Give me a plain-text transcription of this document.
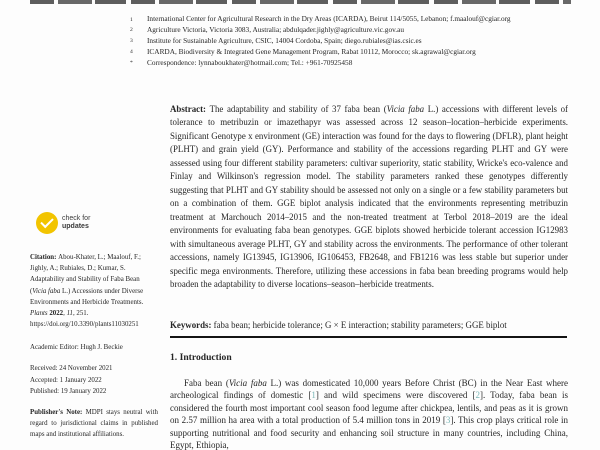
1	International Center for Agricultural Research in the Dry Areas (ICARDA), Beirut 114/5055, Lebanon; f.maalouf@cgiar.org
2	Agriculture Victoria, Victoria 3083, Australia; abdulqader.jighly@agriculture.vic.gov.au
3	Institute for Sustainable Agriculture, CSIC, 14004 Cordoba, Spain; diego.rubiales@ias.csic.es
4	ICARDA, Biodiversity & Integrated Gene Management Program, Rabat 10112, Morocco; sk.agrawal@cgiar.org
*	Correspondence: lynnaboukhater@hotmail.com; Tel.: +961-70925458

Abstract: The adaptability and stability of 37 faba bean (Vicia faba L.) accessions with different levels of tolerance to metribuzin or imazethapyr was assessed across 12 season–location–herbicide experiments. Significant Genotype x environment (GE) interaction was found for the days to flowering (DFLR), plant height (PLHT) and grain yield (GY). Performance and stability of the accessions regarding PLHT and GY were assessed using four different stability parameters: cultivar superiority, static stability, Wricke's eco-valence and Finlay and Wilkinson's regression model. The stability parameters ranked these genotypes differently suggesting that PLHT and GY stability should be assessed not only on a single or a few stability parameters but on a combination of them. GGE biplot analysis indicated that the environments representing metribuzin treatment at Marchouch 2014–2015 and the non-treated treatment at Terbol 2018–2019 are the ideal environments for evaluating faba bean genotypes. GGE biplots showed herbicide tolerant accession IG12983 with simultaneous average PLHT, GY and stability across the environments. The performance of other tolerant accessions, namely IG13945, IG13906, IG106453, FB2648, and FB1216 was less stable but superior under specific mega environments. Therefore, utilizing these accessions in faba bean breeding programs would help broaden the adaptability to diverse locations–season–herbicide treatments.

Keywords: faba bean; herbicide tolerance; G × E interaction; stability parameters; GGE biplot

1. Introduction

Faba bean (Vicia faba L.) was domesticated 10,000 years Before Christ (BC) in the Near East where archeological findings of domestic [1] and wild specimens were discovered [2]. Today, faba bean is considered the fourth most important cool season food legume after chickpea, lentils, and peas as it is grown on 2.57 million ha area with a total production of 5.4 million tons in 2019 [3]. This crop plays critical role in supporting nutritional and food security and enhancing soil structure in many countries, including China, Egypt, Ethiopia,

check for
updates

Citation: Abou-Khater, L.; Maalouf, F.; Jighly, A.; Rubiales, D.; Kumar, S. Adaptability and Stability of Faba Bean (Vicia faba L.) Accessions under Diverse Environments and Herbicide Treatments. Plants 2022, 11, 251. https://doi.org/10.3390/plants11030251

Academic Editor: Hugh J. Beckie
Received: 24 November 2021
Accepted: 1 January 2022
Published: 19 January 2022

Publisher's Note: MDPI stays neutral with regard to jurisdictional claims in published maps and institutional affiliations.
